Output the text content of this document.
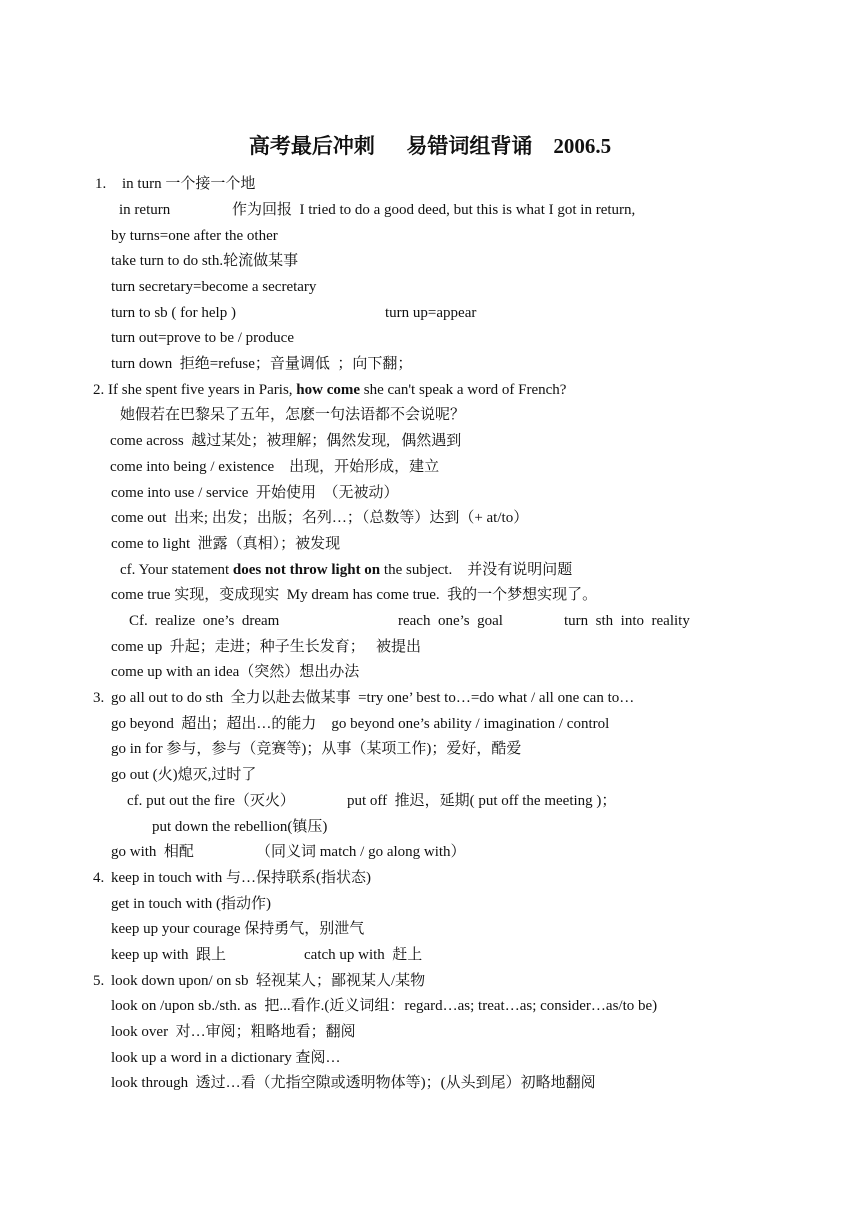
高考最后冲刺      易错词组背诵    2006.5
1. in turn 一个接一个地
in return	作为回报  I tried to do a good deed, but this is what I got in return,
by turns=one after the other
take turn to do sth.轮流做某事
turn secretary=become a secretary
turn to sb ( for help )	turn up=appear
turn out=prove to be / produce
turn down  拒绝=refuse；音量调低  ；向下翻；
2. If she spent five years in Paris, how come she can't speak a word of French?
她假若在巴黎呆了五年，怎麽一句法语都不会说呢？
come across  越过某处；被理解；偶然发现,   偶然遇到
come into being / existence    出现，开始形成，建立
come into use / service  开始使用  （无被动）
come out  出来; 出发；出版；名列…；（总数等）达到（+ at/to）
come to light  泄露（真相）；被发现
cf. Your statement does not throw light on the subject.    并没有说明问题
come true 实现，变成现实  My dream has come true.  我的一个梦想实现了。
Cf.  realize  one’s  dream	reach  one’s  goal	turn  sth  into  reality
come up  升起；走进；种子生长发育；   被提出
come up with an idea（突然）想出办法
3. go all out to do sth  全力以赴去做某事  =try one’ best to…=do what / all one can to…
go beyond  超出；超出…的能力    go beyond one’s ability / imagination / control
go in for 参与，参与（竞赛等)；从事（某项工作)；爱好，酷爱
go out (火)熄灭,过时了
cf. put out the fire（灭火）	put off  推迟，延期( put off the meeting )；
put down the rebellion(镇压)
go with  相配	（同义词 match / go along with）
4. keep in touch with 与…保持联系(指状态)
get in touch with (指动作)
keep up your courage 保持勇气，别泄气
keep up with  跟上	catch up with  赶上
5. look down upon/ on sb  轻视某人；鄙视某人/某物
look on /upon sb./sth. as  把...看作.(近义词组：regard…as; treat…as; consider…as/to be)
look over  对…审阅；粗略地看；翻阅
look up a word in a dictionary 查阅…
look through  透过…看（尤指空隙或透明物体等)；(从头到尾）初略地翻阅
